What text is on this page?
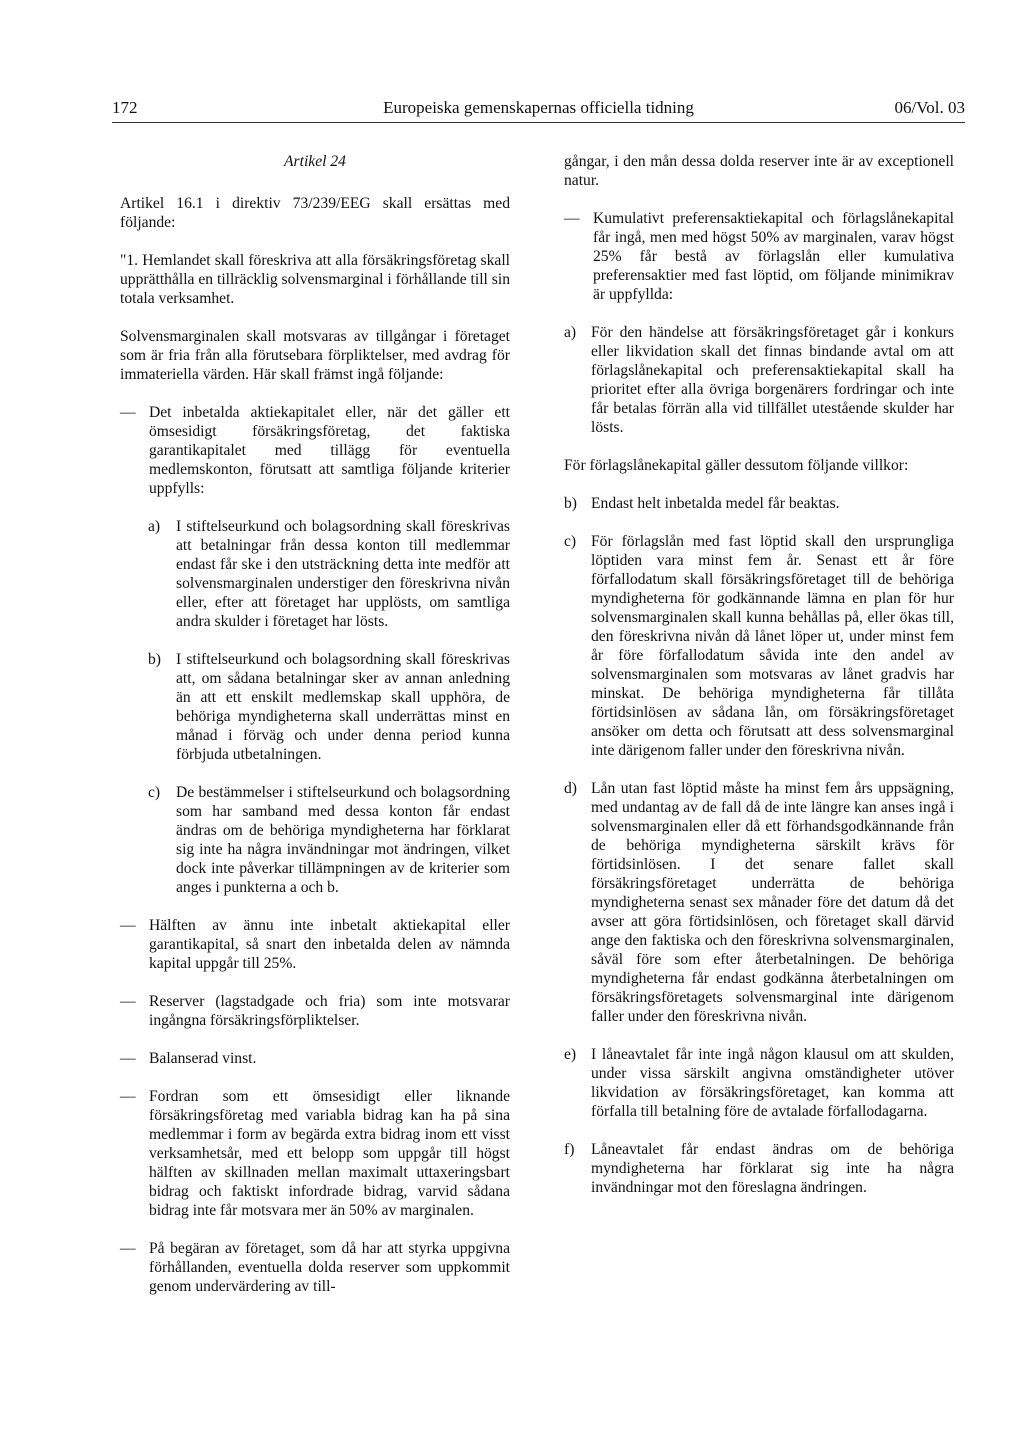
172	Europeiska gemenskapernas officiella tidning	06/Vol. 03

Artikel 24

Artikel 16.1 i direktiv 73/239/EEG skall ersättas med följande:

"1. Hemlandet skall föreskriva att alla försäkringsföretag skall upprätthålla en tillräcklig solvensmarginal i förhållande till sin totala verksamhet.

Solvensmarginalen skall motsvaras av tillgångar i företaget som är fria från alla förutsebara förpliktelser, med avdrag för immateriella värden. Här skall främst ingå följande:

— Det inbetalda aktiekapitalet eller, när det gäller ett ömsesidigt försäkringsföretag, det faktiska garantikapitalet med tillägg för eventuella medlemskonton, förutsatt att samtliga följande kriterier uppfylls:
a) I stiftelseurkund och bolagsordning skall föreskrivas att betalningar från dessa konton till medlemmar endast får ske i den utsträckning detta inte medför att solvensmarginalen understiger den föreskrivna nivån eller, efter att företaget har upplösts, om samtliga andra skulder i företaget har lösts.
b) I stiftelseurkund och bolagsordning skall föreskrivas att, om sådana betalningar sker av annan anledning än att ett enskilt medlemskap skall upphöra, de behöriga myndigheterna skall underrättas minst en månad i förväg och under denna period kunna förbjuda utbetalningen.
c) De bestämmelser i stiftelseurkund och bolagsordning som har samband med dessa konton får endast ändras om de behöriga myndigheterna har förklarat sig inte ha några invändningar mot ändringen, vilket dock inte påverkar tillämpningen av de kriterier som anges i punkterna a och b.
— Hälften av ännu inte inbetalt aktiekapital eller garantikapital, så snart den inbetalda delen av nämnda kapital uppgår till 25%.
— Reserver (lagstadgade och fria) som inte motsvarar ingångna försäkringsförpliktelser.
— Balanserad vinst.
— Fordran som ett ömsesidigt eller liknande försäkringsföretag med variabla bidrag kan ha på sina medlemmar i form av begärda extra bidrag inom ett visst verksamhetsår, med ett belopp som uppgår till högst hälften av skillnaden mellan maximalt uttaxeringsbart bidrag och faktiskt infordrade bidrag, varvid sådana bidrag inte får motsvara mer än 50% av marginalen.
— På begäran av företaget, som då har att styrka uppgivna förhållanden, eventuella dolda reserver som uppkommit genom undervärdering av till-

gångar, i den mån dessa dolda reserver inte är av exceptionell natur.

— Kumulativt preferensaktiekapital och förlagslånekapital får ingå, men med högst 50% av marginalen, varav högst 25% får bestå av förlagslån eller kumulativa preferensaktier med fast löptid, om följande minimikrav är uppfyllda:
a) För den händelse att försäkringsföretaget går i konkurs eller likvidation skall det finnas bindande avtal om att förlagslånekapital och preferensaktiekapital skall ha prioritet efter alla övriga borgenärers fordringar och inte får betalas förrän alla vid tillfället utestående skulder har lösts.

För förlagslånekapital gäller dessutom följande villkor:

b) Endast helt inbetalda medel får beaktas.
c) För förlagslån med fast löptid skall den ursprungliga löptiden vara minst fem år. Senast ett år före förfallodatum skall försäkringsföretaget till de behöriga myndigheterna för godkännande lämna en plan för hur solvensmarginalen skall kunna behållas på, eller ökas till, den föreskrivna nivån då lånet löper ut, under minst fem år före förfallodatum såvida inte den andel av solvensmarginalen som motsvaras av lånet gradvis har minskat. De behöriga myndigheterna får tillåta förtidsinlösen av sådana lån, om försäkringsföretaget ansöker om detta och förutsatt att dess solvensmarginal inte därigenom faller under den föreskrivna nivån.
d) Lån utan fast löptid måste ha minst fem års uppsägning, med undantag av de fall då de inte längre kan anses ingå i solvensmarginalen eller då ett förhandsgodkännande från de behöriga myndigheterna särskilt krävs för förtidsinlösen. I det senare fallet skall försäkringsföretaget underrätta de behöriga myndigheterna senast sex månader före det datum då det avser att göra förtidsinlösen, och företaget skall därvid ange den faktiska och den föreskrivna solvensmarginalen, såväl före som efter återbetalningen. De behöriga myndigheterna får endast godkänna återbetalningen om försäkringsföretagets solvensmarginal inte därigenom faller under den föreskrivna nivån.
e) I låneavtalet får inte ingå någon klausul om att skulden, under vissa särskilt angivna omständigheter utöver likvidation av försäkringsföretaget, kan komma att förfalla till betalning före de avtalade förfallodagarna.
f) Låneavtalet får endast ändras om de behöriga myndigheterna har förklarat sig inte ha några invändningar mot den föreslagna ändringen.
